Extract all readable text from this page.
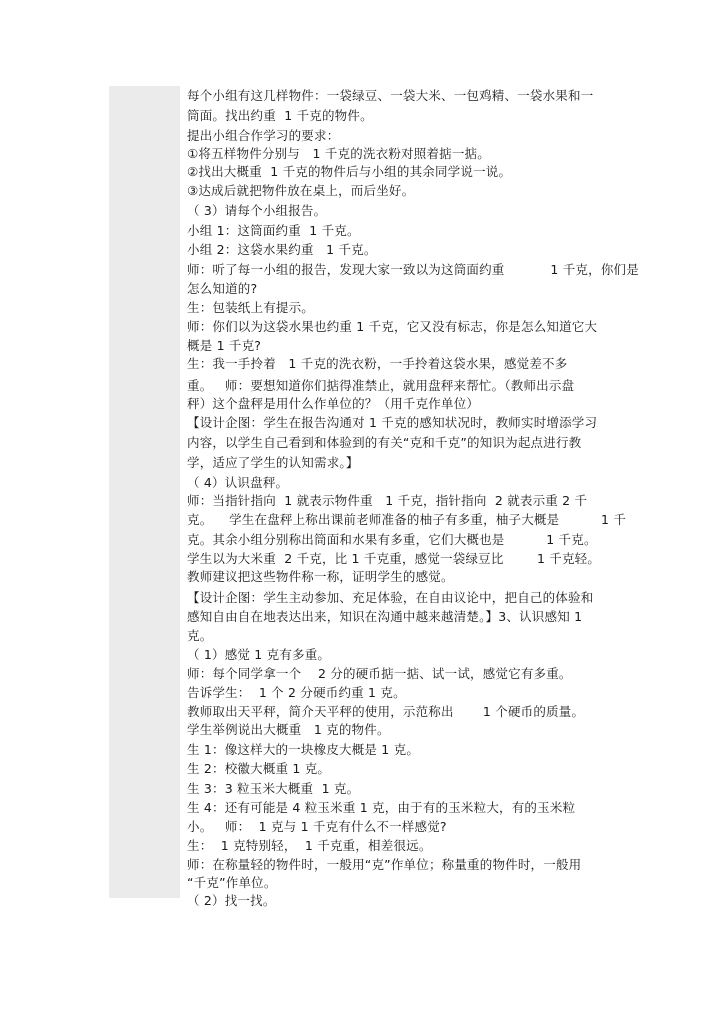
每个小组有这几样物件：一袋绿豆、一袋大米、一包鸡精、一袋水果和一
筒面。找出约重  1 千克的物件。
提出小组合作学习的要求：
①将五样物件分别与   1 千克的洗衣粉对照着掂一掂。
②找出大概重  1 千克的物件后与小组的其余同学说一说。
③达成后就把物件放在桌上，而后坐好。
（ 3）请每个小组报告。
小组 1：这筒面约重  1 千克。
小组 2：这袋水果约重   1 千克。
师：听了每一小组的报告，发现大家一致以为这筒面约重           1 千克，你们是
怎么知道的?
生：包装纸上有提示。
师：你们以为这袋水果也约重 1 千克，它又没有标志，你是怎么知道它大
概是 1 千克?
生：我一手拎着   1 千克的洗衣粉，一手拎着这袋水果，感觉差不多
重。   师：要想知道你们掂得准禁止，就用盘秤来帮忙。（教师出示盘
秤）这个盘秤是用什么作单位的？（用千克作单位）
【设计企图：学生在报告沟通对 1 千克的感知状况时，教师实时增添学习
内容，以学生自己看到和体验到的有关“克和千克”的知识为起点进行教
学，适应了学生的认知需求。】
（ 4）认识盘秤。
师：当指针指向  1 就表示物件重   1 千克，指针指向  2 就表示重 2 千
克。    学生在盘秤上称出课前老师准备的柚子有多重，柚子大概是          1 千
克。其余小组分别称出筒面和水果有多重，它们大概也是          1 千克。
学生以为大米重  2 千克，比 1 千克重，感觉一袋绿豆比        1 千克轻。
教师建议把这些物件称一称，证明学生的感觉。
【设计企图：学生主动参加、充足体验，在自由议论中，把自己的体验和
感知自由自在地表达出来，知识在沟通中越来越清楚。】3、认识感知 1
克。
（ 1）感觉 1 克有多重。
师：每个同学拿一个    2 分的硬币掂一掂、试一试，感觉它有多重。
告诉学生：  1 个 2 分硬币约重 1 克。
教师取出天平秤，简介天平秤的使用，示范称出       1 个硬币的质量。
学生举例说出大概重   1 克的物件。
生 1：像这样大的一块橡皮大概是 1 克。
生 2：校徽大概重 1 克。
生 3：3 粒玉米大概重  1 克。
生 4：还有可能是 4 粒玉米重 1 克，由于有的玉米粒大，有的玉米粒
小。   师：  1 克与 1 千克有什么不一样感觉?
生：  1 克特别轻，  1 千克重，相差很远。
师：在称量轻的物件时，一般用“克”作单位；称量重的物件时，一般用
“千克”作单位。
（ 2）找一找。
